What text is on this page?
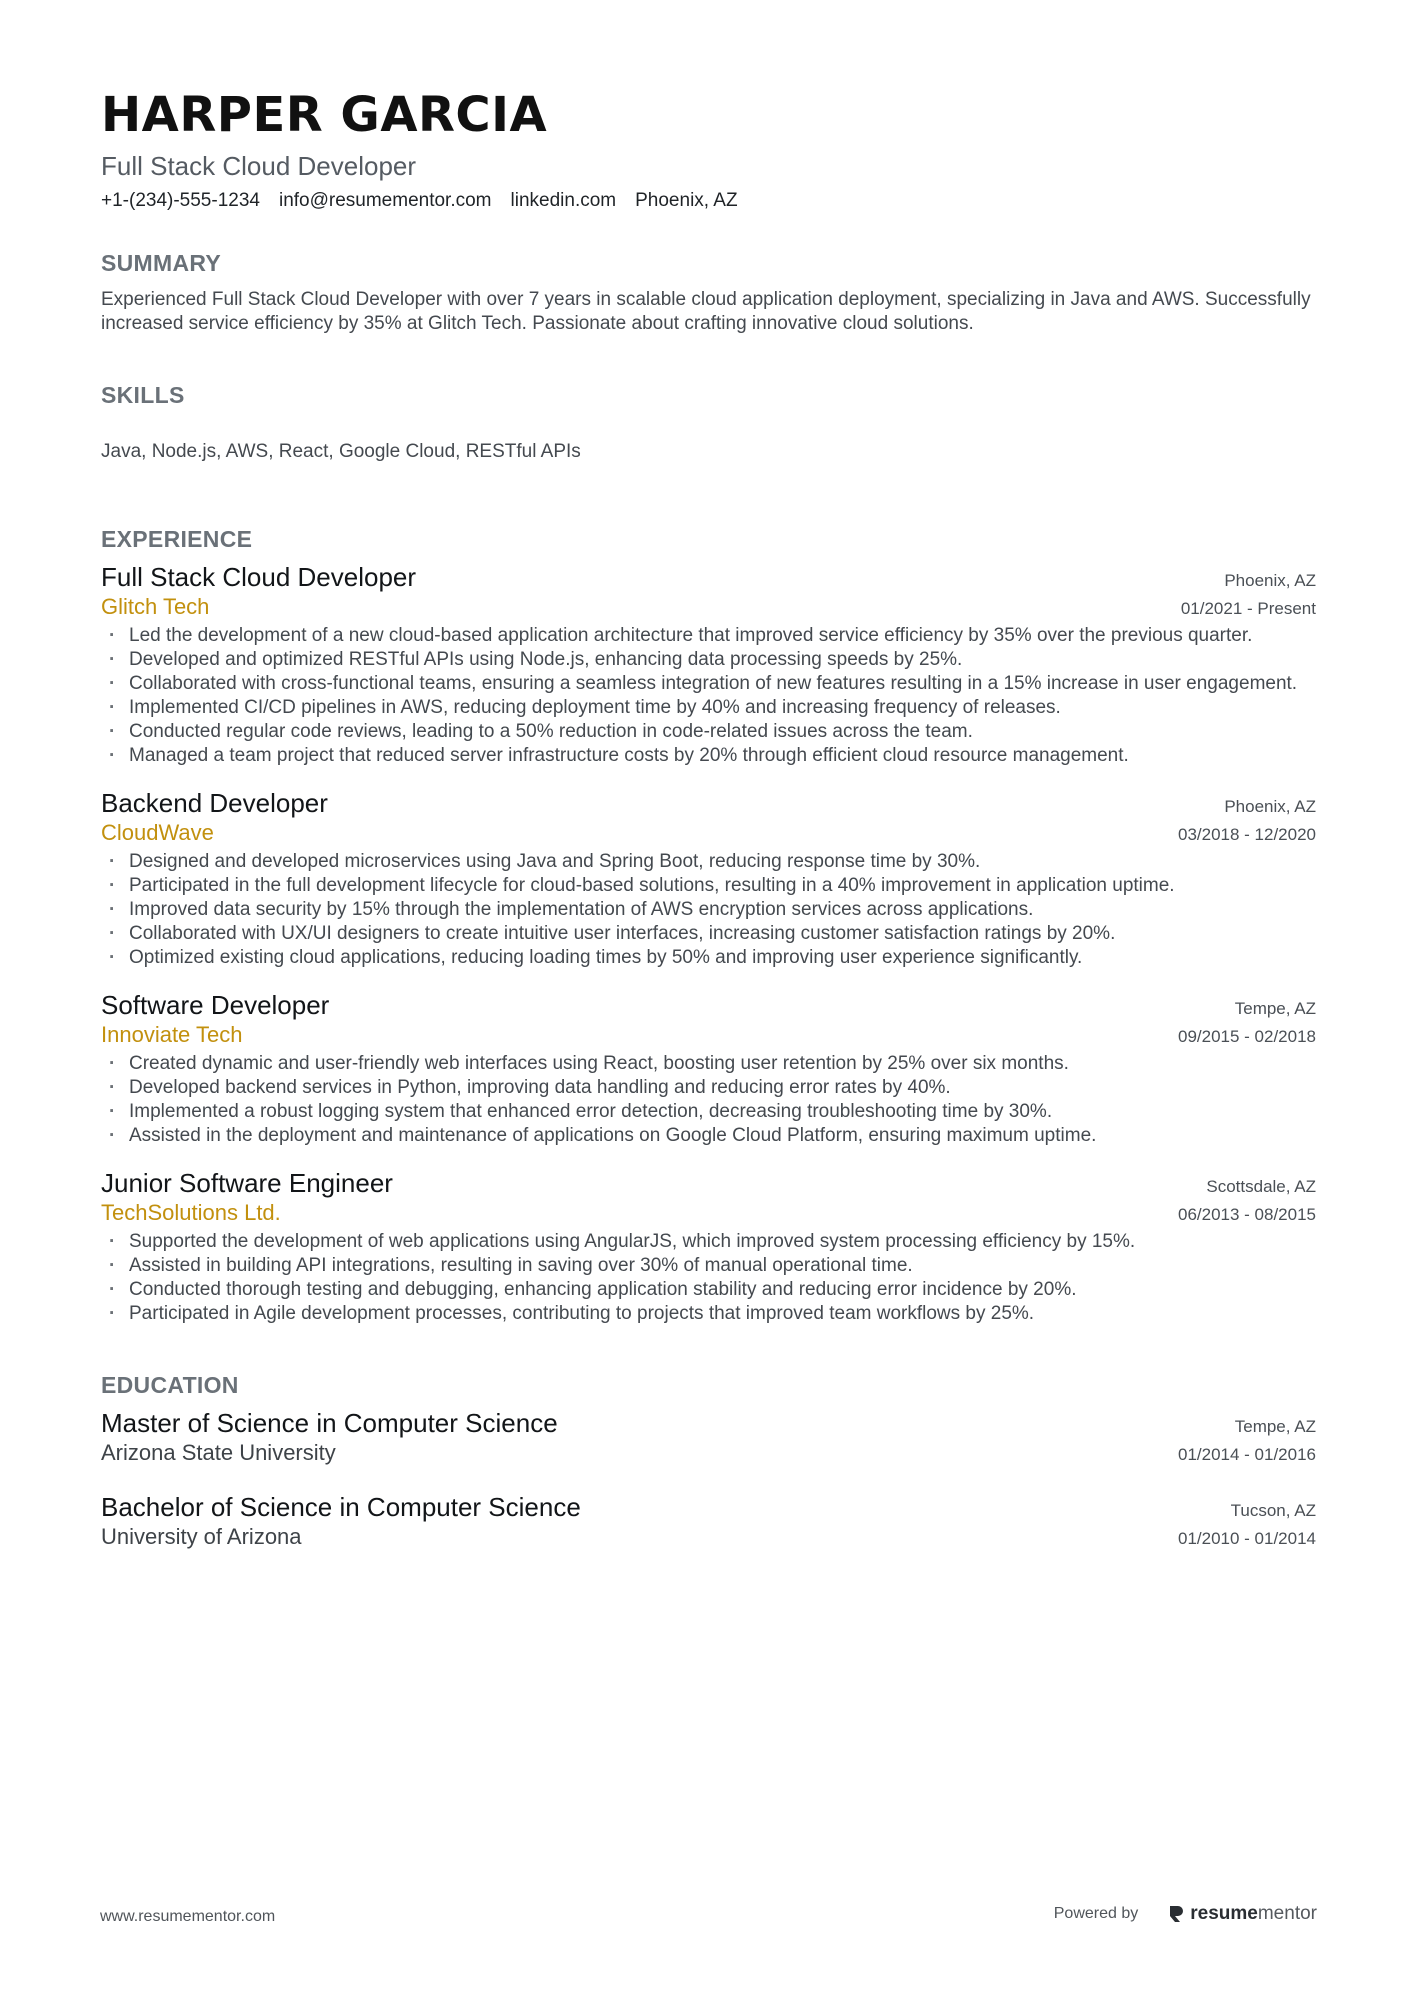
HARPER GARCIA
Full Stack Cloud Developer
+1-(234)-555-1234 info@resumementor.com linkedin.com Phoenix, AZ
SUMMARY
Experienced Full Stack Cloud Developer with over 7 years in scalable cloud application deployment, specializing in Java and AWS. Successfully increased service efficiency by 35% at Glitch Tech. Passionate about crafting innovative cloud solutions.
SKILLS
Java, Node.js, AWS, React, Google Cloud, RESTful APIs
EXPERIENCE
Full Stack Cloud Developer	Phoenix, AZ
Glitch Tech	01/2021 - Present
· Led the development of a new cloud-based application architecture that improved service efficiency by 35% over the previous quarter.
· Developed and optimized RESTful APIs using Node.js, enhancing data processing speeds by 25%.
· Collaborated with cross-functional teams, ensuring a seamless integration of new features resulting in a 15% increase in user engagement.
· Implemented CI/CD pipelines in AWS, reducing deployment time by 40% and increasing frequency of releases.
· Conducted regular code reviews, leading to a 50% reduction in code-related issues across the team.
· Managed a team project that reduced server infrastructure costs by 20% through efficient cloud resource management.
Backend Developer	Phoenix, AZ
CloudWave	03/2018 - 12/2020
· Designed and developed microservices using Java and Spring Boot, reducing response time by 30%.
· Participated in the full development lifecycle for cloud-based solutions, resulting in a 40% improvement in application uptime.
· Improved data security by 15% through the implementation of AWS encryption services across applications.
· Collaborated with UX/UI designers to create intuitive user interfaces, increasing customer satisfaction ratings by 20%.
· Optimized existing cloud applications, reducing loading times by 50% and improving user experience significantly.
Software Developer	Tempe, AZ
Innoviate Tech	09/2015 - 02/2018
· Created dynamic and user-friendly web interfaces using React, boosting user retention by 25% over six months.
· Developed backend services in Python, improving data handling and reducing error rates by 40%.
· Implemented a robust logging system that enhanced error detection, decreasing troubleshooting time by 30%.
· Assisted in the deployment and maintenance of applications on Google Cloud Platform, ensuring maximum uptime.
Junior Software Engineer	Scottsdale, AZ
TechSolutions Ltd.	06/2013 - 08/2015
· Supported the development of web applications using AngularJS, which improved system processing efficiency by 15%.
· Assisted in building API integrations, resulting in saving over 30% of manual operational time.
· Conducted thorough testing and debugging, enhancing application stability and reducing error incidence by 20%.
· Participated in Agile development processes, contributing to projects that improved team workflows by 25%.
EDUCATION
Master of Science in Computer Science	Tempe, AZ
Arizona State University	01/2014 - 01/2016
Bachelor of Science in Computer Science	Tucson, AZ
University of Arizona	01/2010 - 01/2014
www.resumementor.com	Powered by	resume mentor
